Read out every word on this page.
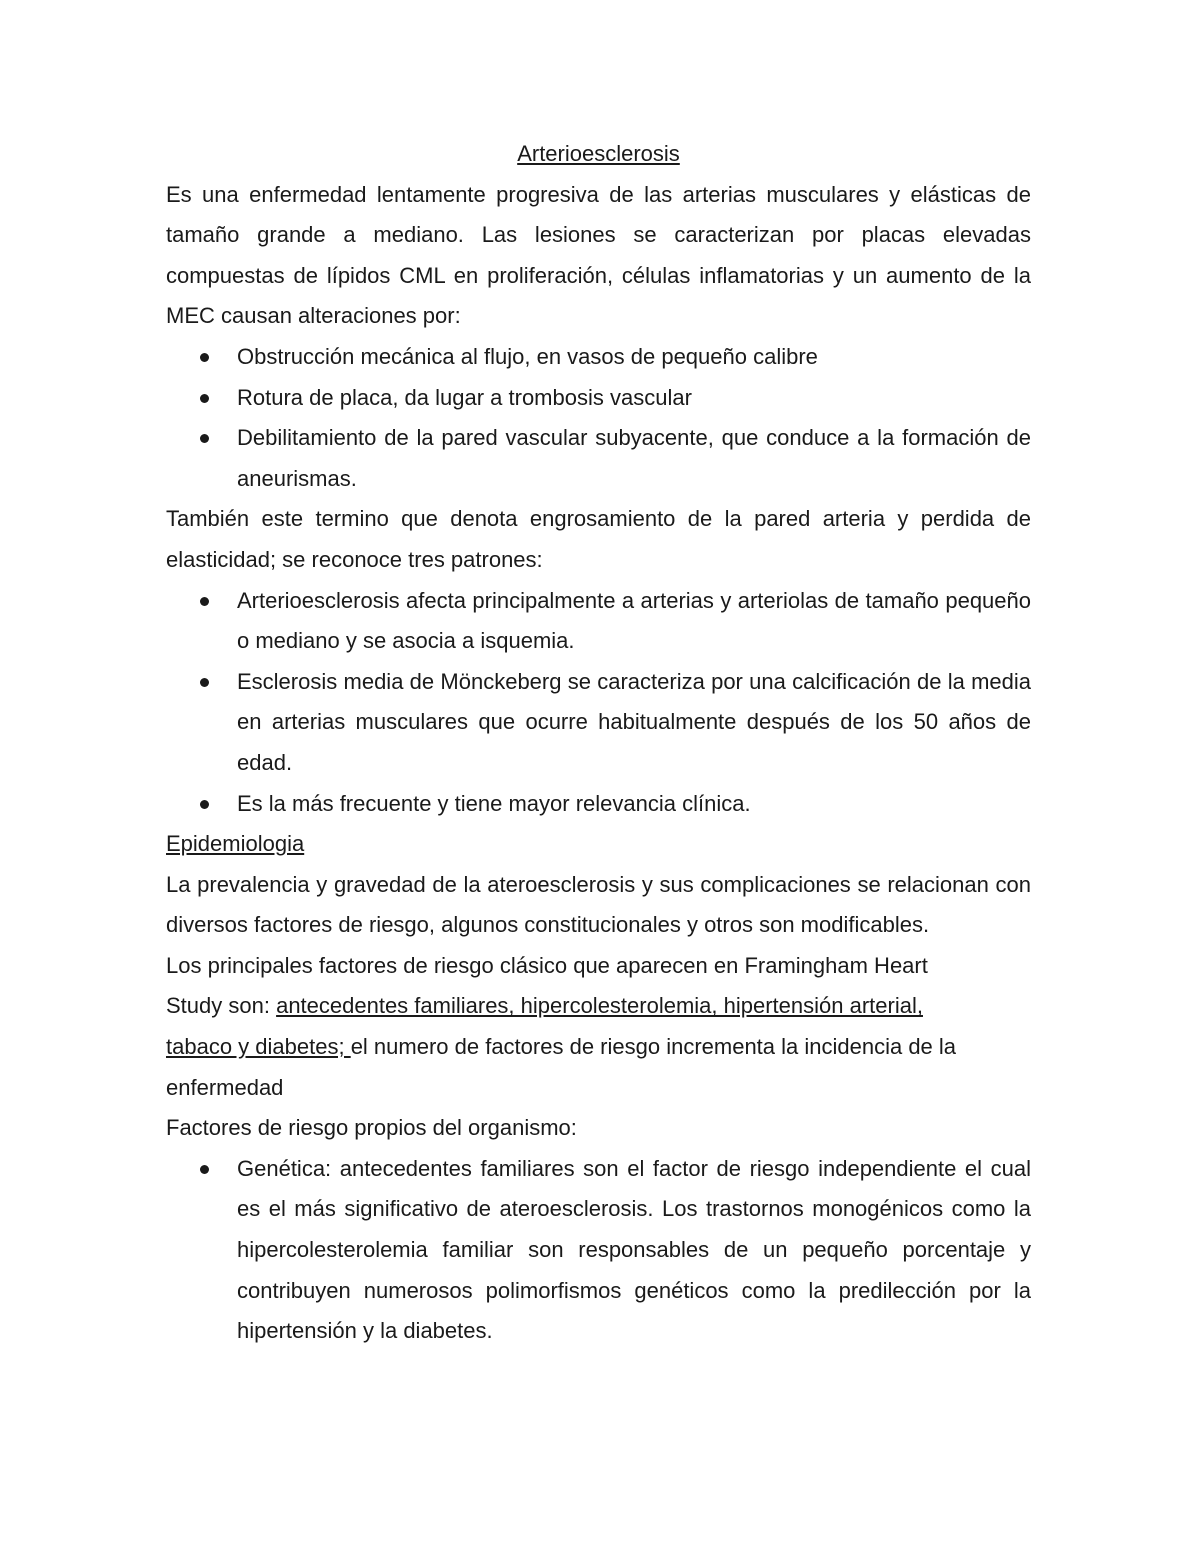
Arterioesclerosis

Es una enfermedad lentamente progresiva de las arterias musculares y elásticas de tamaño grande a mediano. Las lesiones se caracterizan por placas elevadas compuestas de lípidos CML en proliferación, células inflamatorias y un aumento de la MEC causan alteraciones por:

Obstrucción mecánica al flujo, en vasos de pequeño calibre
Rotura de placa, da lugar a trombosis vascular
Debilitamiento de la pared vascular subyacente, que conduce a la formación de aneurismas.

También este termino que denota engrosamiento de la pared arteria y perdida de elasticidad; se reconoce tres patrones:

Arterioesclerosis afecta principalmente a arterias y arteriolas de tamaño pequeño o mediano y se asocia a isquemia.
Esclerosis media de Mönckeberg se caracteriza por una calcificación de la media en arterias musculares que ocurre habitualmente después de los 50 años de edad.
Es la más frecuente y tiene mayor relevancia clínica.

Epidemiologia

La prevalencia y gravedad de la ateroesclerosis y sus complicaciones se relacionan con diversos factores de riesgo, algunos constitucionales y otros son modificables.

Los principales factores de riesgo clásico que aparecen en Framingham Heart
Study son: antecedentes familiares, hipercolesterolemia, hipertensión arterial,
tabaco y diabetes; el numero de factores de riesgo incrementa la incidencia de la
enfermedad

Factores de riesgo propios del organismo:

Genética: antecedentes familiares son el factor de riesgo independiente el cual es el más significativo de ateroesclerosis. Los trastornos monogénicos como la hipercolesterolemia familiar son responsables de un pequeño porcentaje y contribuyen numerosos polimorfismos genéticos como la predilección por la hipertensión y la diabetes.
